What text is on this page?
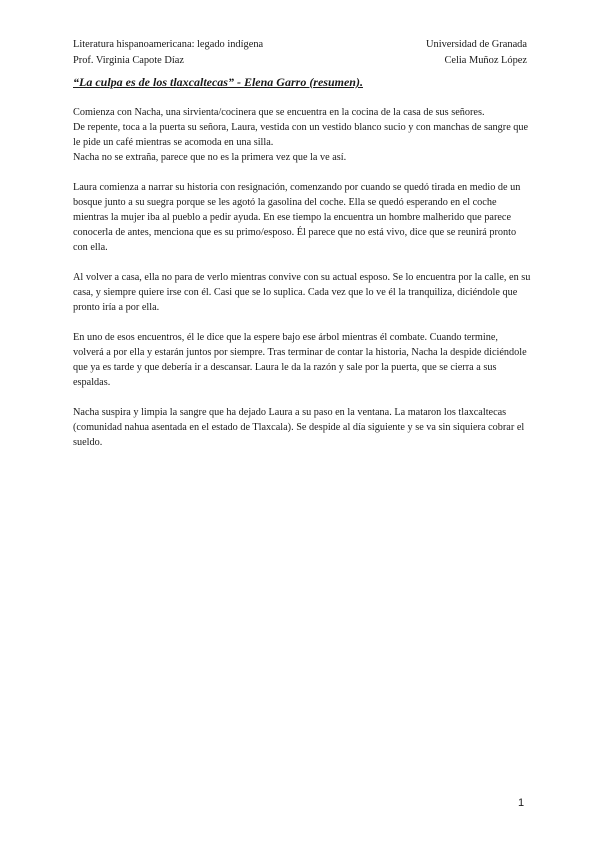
Literatura hispanoamericana: legado indígena	Universidad de Granada
Prof. Virginia Capote Díaz	Celia Muñoz López
“La culpa es de los tlaxcaltecas” - Elena Garro (resumen).

Comienza con Nacha, una sirvienta/cocinera que se encuentra en la cocina de la casa de sus señores.

De repente, toca a la puerta su señora, Laura, vestida con un vestido blanco sucio y con manchas de sangre que le pide un café mientras se acomoda en una silla.

Nacha no se extraña, parece que no es la primera vez que la ve así.

Laura comienza a narrar su historia con resignación, comenzando por cuando se quedó tirada en medio de un bosque junto a su suegra porque se les agotó la gasolina del coche. Ella se quedó esperando en el coche mientras la mujer iba al pueblo a pedir ayuda. En ese tiempo la encuentra un hombre malherido que parece conocerla de antes, menciona que es su primo/esposo. Él parece que no está vivo, dice que se reunirá pronto con ella.

Al volver a casa, ella no para de verlo mientras convive con su actual esposo. Se lo encuentra por la calle, en su casa, y siempre quiere irse con él. Casi que se lo suplica. Cada vez que lo ve él la tranquiliza, diciéndole que pronto iría a por ella.

En uno de esos encuentros, él le dice que la espere bajo ese árbol mientras él combate. Cuando termine, volverá a por ella y estarán juntos por siempre. Tras terminar de contar la historia, Nacha la despide diciéndole que ya es tarde y que debería ir a descansar. Laura le da la razón y sale por la puerta, que se cierra a sus espaldas.

Nacha suspira y limpia la sangre que ha dejado Laura a su paso en la ventana. La mataron los tlaxcaltecas (comunidad nahua asentada en el estado de Tlaxcala). Se despide al día siguiente y se va sin siquiera cobrar el sueldo.

1
